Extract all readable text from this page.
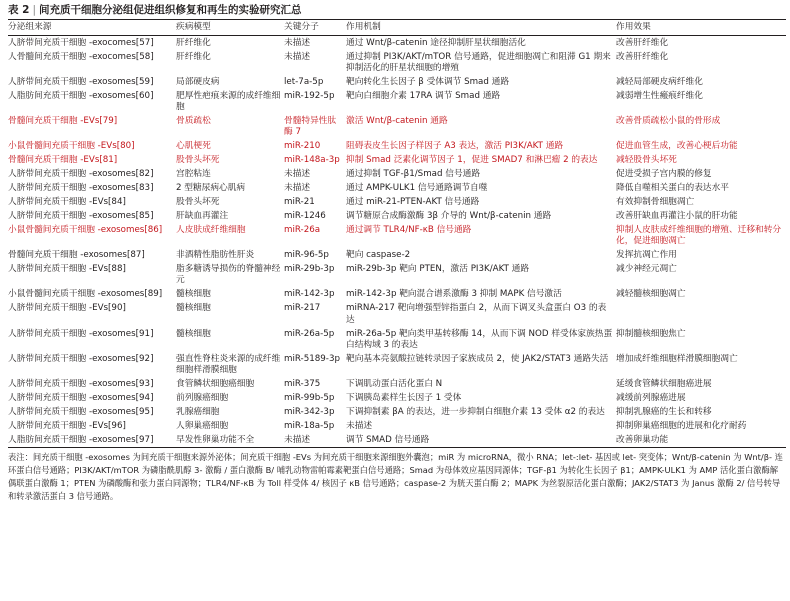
表 2 | 间充质干细胞分泌组促进组织修复和再生的实验研究汇总
分泌组来源	疾病模型	关键分子	作用机制	作用效果
人脐带间充质干细胞 -exocomes[57]	肝纤维化	未描述	通过 Wnt/β-catenin 途径抑制肝星状细胞活化	改善肝纤维化
人骨髓间充质干细胞 -exocomes[58]	肝纤维化	未描述	通过抑制 PI3K/AKT/mTOR 信号通路，促进细胞凋亡和阻滞 G1 期来抑制活化的肝星状细胞的增殖	改善肝纤维化
人脐带间充质干细胞 -exosomes[59]	局部硬皮病	let-7a-5p	靶向转化生长因子 β 受体调节 Smad 通路	减轻局部硬皮病纤维化
人脂肪间充质干细胞 -exosomes[60]	肥厚性疤痕来源的成纤维细胞	miR-192-5p	靶向白细胞介素 17RA 调节 Smad 通路	减弱增生性瘢痕纤维化
骨髓间充质干细胞 -EVs[79]	骨质疏松	骨髓特异性肽酶 7	激活 Wnt/β-catenin 通路	改善骨质疏松小鼠的骨形成
小鼠骨髓间充质干细胞 -EVs[80]	心肌梗死	miR-210	阻碍表皮生长因子样因子 A3 表达，激活 PI3K/AKT 通路	促进血管生成，改善心梗后功能
骨髓间充质干细胞 -EVs[81]	股骨头坏死	miR-148a-3p	抑制 Smad 泛素化调节因子 1，促进 SMAD7 和淋巴瘤 2 的表达	减轻股骨头坏死
人脐带间充质干细胞 -exosomes[82]	宫腔粘连	未描述	通过抑制 TGF-β1/Smad 信号通路	促进受损子宫内膜的修复
人脐带间充质干细胞 -exosomes[83]	2 型糖尿病心肌病	未描述	通过 AMPK-ULK1 信号通路调节自噬	降低自噬相关蛋白的表达水平
人脐带间充质干细胞 -EVs[84]	股骨头坏死	miR-21	通过 miR-21-PTEN-AKT 信号通路	有效抑制骨细胞凋亡
人脐带间充质干细胞 -exosomes[85]	肝缺血再灌注	miR-1246	调节糖原合成酶激酶 3β 介导的 Wnt/β-catenin 通路	改善肝缺血再灌注小鼠的肝功能
小鼠骨髓间充质干细胞 -exosomes[86]	人皮肤成纤维细胞	miR-26a	通过调节 TLR4/NF-κB 信号通路	抑制人皮肤成纤维细胞的增殖、迁移和转分化，促进细胞凋亡
骨髓间充质干细胞 -exosomes[87]	非酒精性脂肪性肝炎	miR-96-5p	靶向 caspase-2	发挥抗凋亡作用
人脐带间充质干细胞 -EVs[88]	脂多糖诱导损伤的脊髓神经元	miR-29b-3p	miR-29b-3p 靶向 PTEN，激活 PI3K/AKT 通路	减少神经元凋亡
小鼠骨髓间充质干细胞 -exosomes[89]	髓核细胞	miR-142-3p	miR-142-3p 靶向混合谱系激酶 3 抑制 MAPK 信号激活	减轻髓核细胞凋亡
人脐带间充质干细胞 -EVs[90]	髓核细胞	miR-217	miRNA-217 靶向增强型锌指蛋白 2，从而下调叉头盒蛋白 O3 的表达	
人脐带间充质干细胞 -exosomes[91]	髓核细胞	miR-26a-5p	miR-26a-5p 靶向类甲基转移酶 14，从而下调 NOD 样受体家族热蛋白结构域 3 的表达	抑制髓核细胞焦亡
人脐带间充质干细胞 -exosomes[92]	强直性脊柱炎来源的成纤维细胞样滑膜细胞	miR-5189-3p	靶向基本亮氨酸拉链转录因子家族成员 2，使 JAK2/STAT3 通路失活	增加成纤维细胞样滑膜细胞凋亡
人脐带间充质干细胞 -exosomes[93]	食管鳞状细胞癌细胞	miR-375	下调肌动蛋白活化蛋白 N	延缓食管鳞状细胞癌进展
人脐带间充质干细胞 -exosomes[94]	前列腺癌细胞	miR-99b-5p	下调胰岛素样生长因子 1 受体	减缓前列腺癌进展
人脐带间充质干细胞 -exosomes[95]	乳腺癌细胞	miR-342-3p	下调抑制素 βA 的表达，进一步抑制白细胞介素 13 受体 α2 的表达	抑制乳腺癌的生长和转移
人脐带间充质干细胞 -EVs[96]	人卵巢癌细胞	miR-18a-5p	未描述	抑制卵巢癌细胞的进展和化疗耐药
人脂肪间充质干细胞 -exosomes[97]	早发性卵巢功能不全	未描述	调节 SMAD 信号通路	改善卵巢功能
表注：间充质干细胞 -exosomes 为间充质干细胞来源外泌体；间充质干细胞 -EVs 为间充质干细胞来源细胞外囊泡；miR 为 microRNA，微小 RNA；let-:let- 基因或 let- 突变体；Wnt/β-catenin 为 Wnt/β- 连环蛋白信号通路；PI3K/AKT/mTOR 为磷脂酰肌醇 3- 激酶 / 蛋白激酶 B/ 哺乳动物雷帕霉素靶蛋白信号通路；Smad 为母体效应基因同源体；TGF-β1 为转化生长因子 β1；AMPK-ULK1 为 AMP 活化蛋白激酶解偶联蛋白激酶 1；PTEN 为磷酸酶和张力蛋白同源物；TLR4/NF-κB 为 Toll 样受体 4/ 核因子 κB 信号通路；caspase-2 为胱天蛋白酶 2；MAPK 为丝裂原活化蛋白激酶；JAK2/STAT3 为 Janus 激酶 2/ 信号转导和转录激活蛋白 3 信号通路。
